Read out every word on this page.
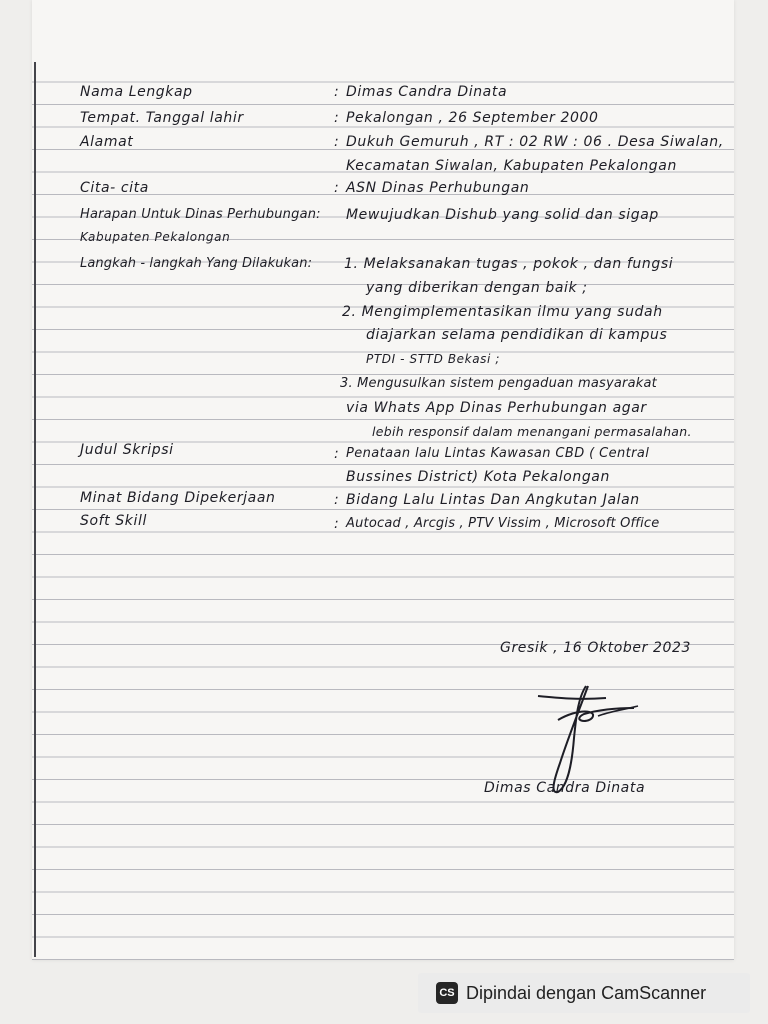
Nama Lengkap	: Dimas Candra Dinata
Tempat. Tanggal lahir	: Pekalongan , 26 September 2000
Alamat	: Dukuh Gemuruh , RT : 02 RW : 06 . Desa Siwalan,
Kecamatan Siwalan, Kabupaten Pekalongan
Cita- cita	: ASN Dinas Perhubungan
Harapan Untuk Dinas Perhubungan: Mewujudkan Dishub yang solid dan sigap
Kabupaten Pekalongan
Langkah - langkah Yang Dilakukan: 1. Melaksanakan tugas , pokok , dan fungsi
yang diberikan dengan baik ;
2. Mengimplementasikan ilmu yang sudah
diajarkan selama pendidikan di kampus
PTDI - STTD Bekasi ;
3. Mengusulkan sistem pengaduan masyarakat
via Whats App Dinas Perhubungan agar
lebih responsif dalam menangani permasalahan.
Judul Skripsi	: Penataan lalu Lintas Kawasan CBD ( Central
Bussines District) Kota Pekalongan
Minat Bidang Dipekerjaan	: Bidang Lalu Lintas Dan Angkutan Jalan
Soft Skill	: Autocad , Arcgis , PTV Vissim , Microsoft Office
Gresik , 16 Oktober 2023
Dimas Candra Dinata
CS Dipindai dengan CamScanner
